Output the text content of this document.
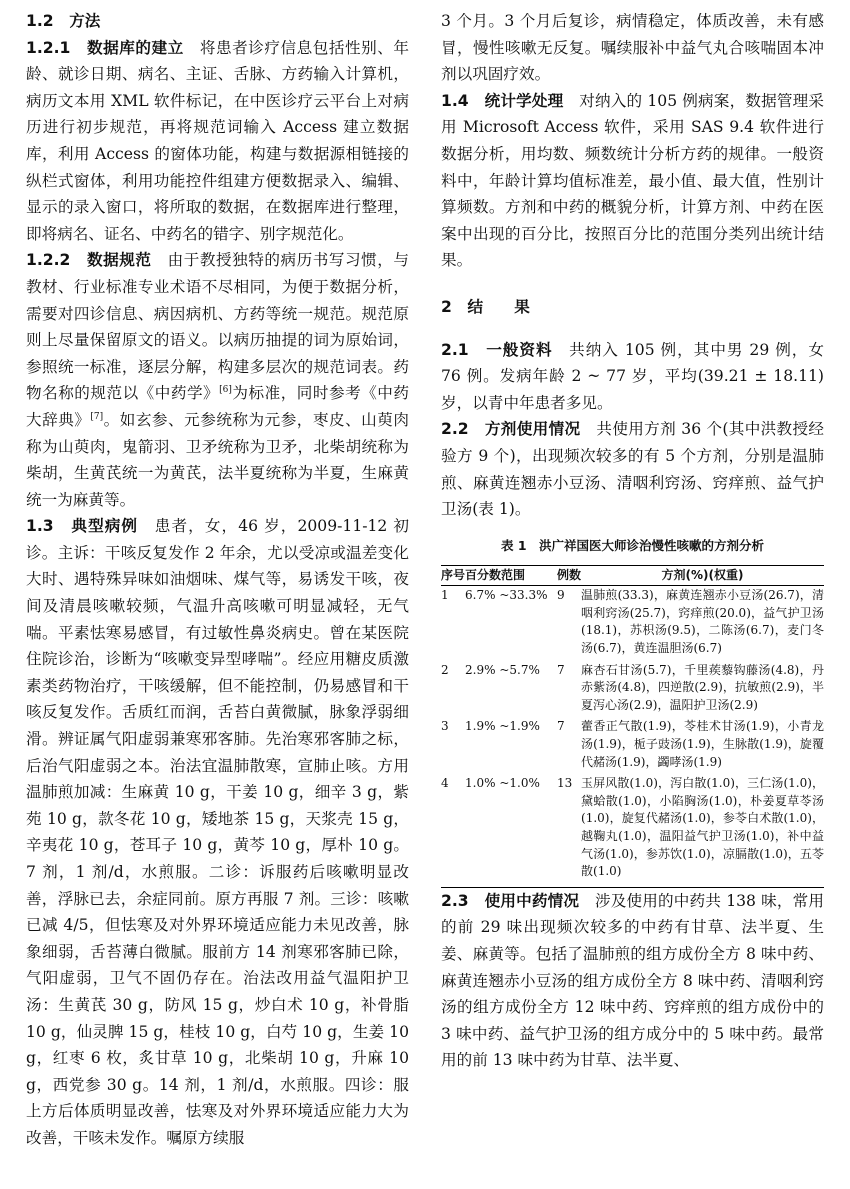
1.2　方法

1.2.1　数据库的建立　 将患者诊疗信息包括性别、年龄、就诊日期、病名、主证、舌脉、方药输入计算机，病历文本用 XML 软件标记，在中医诊疗云平台上对病历进行初步规范，再将规范词输入 Access 建立数据库，利用 Access 的窗体功能，构建与数据源相链接的纵栏式窗体，利用功能控件组建方便数据录入、编辑、显示的录入窗口，将所取的数据，在数据库进行整理，即将病名、证名、中药名的错字、别字规范化。

1.2.2　数据规范　 由于教授独特的病历书写习惯，与教材、行业标准专业术语不尽相同，为便于数据分析，需要对四诊信息、病因病机、方药等统一规范。规范原则上尽量保留原文的语义。以病历抽提的词为原始词，参照统一标准，逐层分解，构建多层次的规范词表。药物名称的规范以《中药学》[6]为标准，同时参考《中药大辞典》[7]。如玄参、元参统称为元参，枣皮、山萸肉称为山萸肉，鬼箭羽、卫矛统称为卫矛，北柴胡统称为柴胡，生黄芪统一为黄芪，法半夏统称为半夏，生麻黄统一为麻黄等。

1.3　典型病例　 患者，女，46 岁，2009-11-12 初诊。主诉：干咳反复发作 2 年余，尤以受凉或温差变化大时、遇特殊异味如油烟味、煤气等，易诱发干咳，夜间及清晨咳嗽较频，气温升高咳嗽可明显减轻，无气喘。平素怯寒易感冒，有过敏性鼻炎病史。曾在某医院住院诊治，诊断为“咳嗽变异型哮喘”。经应用糖皮质激素类药物治疗，干咳缓解，但不能控制，仍易感冒和干咳反复发作。舌质红而润，舌苔白黄微腻，脉象浮弱细滑。辨证属气阳虚弱兼寒邪客肺。先治寒邪客肺之标，后治气阳虚弱之本。治法宜温肺散寒，宣肺止咳。方用温肺煎加减：生麻黄 10 g，干姜 10 g，细辛 3 g，紫苑 10 g，款冬花 10 g，矮地茶 15 g，天浆壳 15 g，辛夷花 10 g，苍耳子 10 g，黄芩 10 g，厚朴 10 g。7 剂，1 剂/d，水煎服。二诊：诉服药后咳嗽明显改善，浮脉已去，余症同前。原方再服 7 剂。三诊：咳嗽已减 4/5，但怯寒及对外界环境适应能力未见改善，脉象细弱，舌苔薄白微腻。服前方 14 剂寒邪客肺已除，气阳虚弱，卫气不固仍存在。治法改用益气温阳护卫汤：生黄芪 30 g，防风 15 g，炒白术 10 g，补骨脂 10 g，仙灵脾 15 g，桂枝 10 g，白芍 10 g，生姜 10 g，红枣 6 枚，炙甘草 10 g，北柴胡 10 g，升麻 10 g，西党参 30 g。14 剂，1 剂/d，水煎服。四诊：服上方后体质明显改善，怯寒及对外界环境适应能力大为改善，干咳未发作。嘱原方续服

3 个月。3 个月后复诊，病情稳定，体质改善，未有感冒，慢性咳嗽无反复。嘱续服补中益气丸合咳喘固本冲剂以巩固疗效。

1.4　统计学处理　 对纳入的 105 例病案，数据管理采用 Microsoft Access 软件，采用 SAS 9.4 软件进行数据分析，用均数、频数统计分析方药的规律。一般资料中，年龄计算均值标准差，最小值、最大值，性别计算频数。方剂和中药的概貌分析，计算方剂、中药在医案中出现的百分比，按照百分比的范围分类列出统计结果。

2　结　　果

2.1　一般资料　 共纳入 105 例，其中男 29 例，女 76 例。发病年龄 2 ~ 77 岁，平均(39.21 ± 18.11)岁，以青中年患者多见。

2.2　方剂使用情况　 共使用方剂 36 个(其中洪教授经验方 9 个)，出现频次较多的有 5 个方剂，分别是温肺煎、麻黄连翘赤小豆汤、清咽利窍汤、窍痒煎、益气护卫汤(表 1)。

表 1　洪广祥国医大师诊治慢性咳嗽的方剂分析
序号	百分数范围	例数	方剂(%)(权重)
1	6.7% ~33.3%	9	温肺煎(33.3)，麻黄连翘赤小豆汤(26.7)，清咽利窍汤(25.7)，窍痒煎(20.0)，益气护卫汤(18.1)，苏枳汤(9.5)，二陈汤(6.7)，麦门冬汤(6.7)，黄连温胆汤(6.7)
2	2.9% ~5.7%	7	麻杏石甘汤(5.7)，千里蒺藜钩藤汤(4.8)，丹赤紫汤(4.8)，四逆散(2.9)，抗敏煎(2.9)，半夏泻心汤(2.9)，温阳护卫汤(2.9)
3	1.9% ~1.9%	7	藿香正气散(1.9)，苓桂术甘汤(1.9)，小青龙汤(1.9)，栀子豉汤(1.9)，生脉散(1.9)，旋覆代赭汤(1.9)，蠲哮汤(1.9)
4	1.0% ~1.0%	13	玉屏风散(1.0)，泻白散(1.0)，三仁汤(1.0)，黛蛤散(1.0)，小陷胸汤(1.0)，朴姜夏草苓汤(1.0)，旋复代赭汤(1.0)，参苓白术散(1.0)，越鞠丸(1.0)，温阳益气护卫汤(1.0)，补中益气汤(1.0)，参苏饮(1.0)，凉膈散(1.0)，五苓散(1.0)

2.3　使用中药情况　 涉及使用的中药共 138 味，常用的前 29 味出现频次较多的中药有甘草、法半夏、生姜、麻黄等。包括了温肺煎的组方成份全方 8 味中药、麻黄连翘赤小豆汤的组方成份全方 8 味中药、清咽利窍汤的组方成份全方 12 味中药、窍痒煎的组方成份中的 3 味中药、益气护卫汤的组方成分中的 5 味中药。最常用的前 13 味中药为甘草、法半夏、
